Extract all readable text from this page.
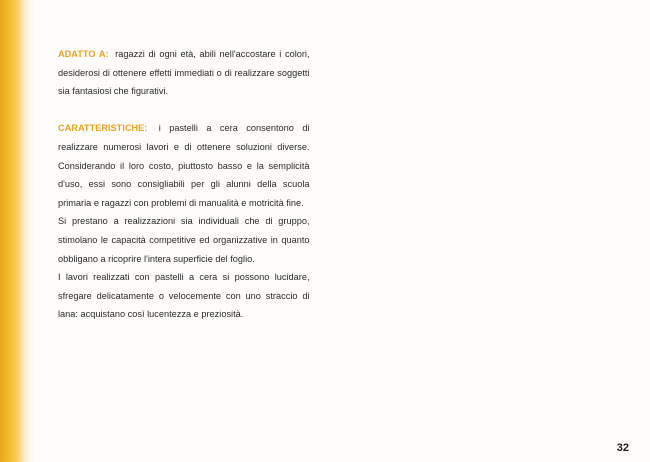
ADATTO A: ragazzi di ogni età, abili nell'accostare i colori, desiderosi di ottenere effetti immediati o di realizzare soggetti sia fantasiosi che figurativi.

CARATTERISTICHE: i pastelli a cera consentono di realizzare numerosi lavori e di ottenere soluzioni diverse. Considerando il loro costo, piuttosto basso e la semplicità d'uso, essi sono consigliabili per gli alunni della scuola primaria e ragazzi con problemi di manualità e motricità fine.

Si prestano a realizzazioni sia individuali che di gruppo, stimolano le capacità competitive ed organizzative in quanto obbligano a ricoprire l'intera superficie del foglio.

I lavori realizzati con pastelli a cera si possono lucidare, sfregare delicatamente o velocemente con uno straccio di lana: acquistano così lucentezza e preziosità.

32
